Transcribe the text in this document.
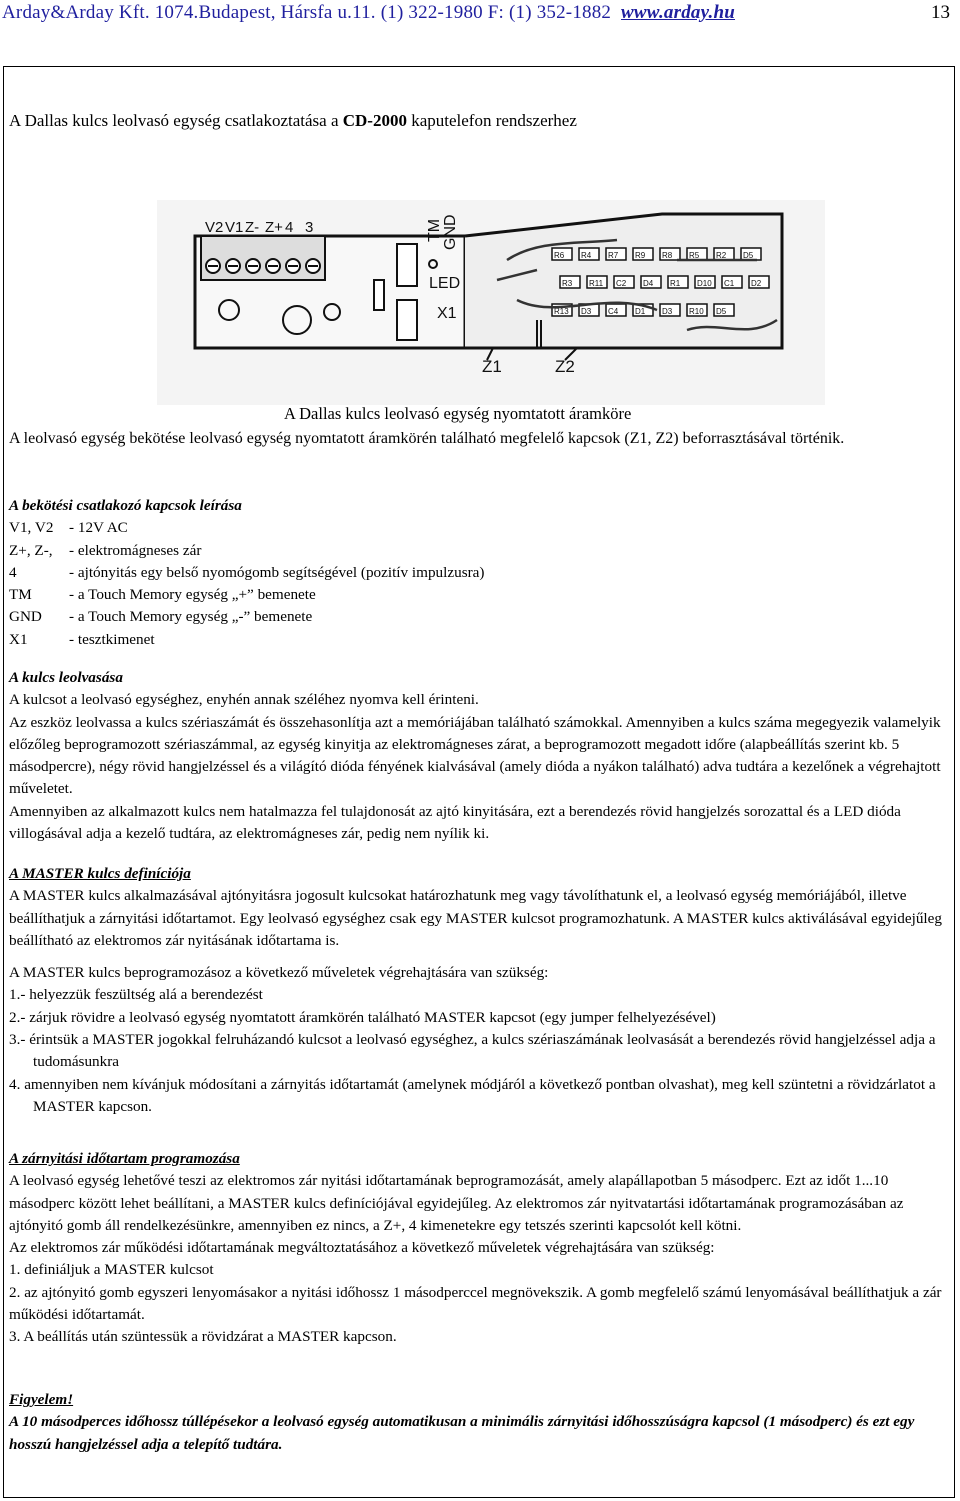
Arday&Arday Kft. 1074.Budapest, Hársfa u.11. (1) 322-1980 F: (1) 352-1882 www.arday.hu	13
A Dallas kulcs leolvasó egység csatlakoztatása a CD-2000 kaputelefon rendszerhez
V2 V1 Z- Z+ 4 3	TM GND
LED
X1
R6 R4 R7 R9 R8 R5 R2 D5
R3 R11 C2 D4 R1 D10 C1 D2
R13 D3 C4 D1 D3 R10 D5
Z1	Z2
A Dallas kulcs leolvasó egység nyomtatott áramköre

A leolvasó egység bekötése leolvasó egység nyomtatott áramkörén található megfelelő kapcsok (Z1, Z2) beforrasztásával történik.

A bekötési csatlakozó kapcsok leírása

V1, V2	- 12V AC
Z+, Z-,	- elektromágneses zár
4	- ajtónyitás egy belső nyomógomb segítségével (pozitív impulzusra)
TM	- a Touch Memory egység „+” bemenete
GND	- a Touch Memory egység „-” bemenete
X1	- tesztkimenet

A kulcs leolvasása

A kulcsot a leolvasó egységhez, enyhén annak széléhez nyomva kell érinteni.

Az eszköz leolvassa a kulcs szériaszámát és összehasonlítja azt a memóriájában található számokkal. Amennyiben a kulcs száma megegyezik valamelyik előzőleg beprogramozott szériaszámmal, az egység kinyitja az elektromágneses zárat, a beprogramozott megadott időre (alapbeállítás szerint kb. 5 másodpercre), négy rövid hangjelzéssel és a világító dióda fényének kialvásával (amely dióda a nyákon található) adva tudtára a kezelőnek a végrehajtott műveletet.

Amennyiben az alkalmazott kulcs nem hatalmazza fel tulajdonosát az ajtó kinyitására, ezt a berendezés rövid hangjelzés sorozattal és a LED dióda villogásával adja a kezelő tudtára, az elektromágneses zár, pedig nem nyílik ki.

A MASTER kulcs definíciója

A MASTER kulcs alkalmazásával ajtónyitásra jogosult kulcsokat határozhatunk meg vagy távolíthatunk el, a leolvasó egység memóriájából, illetve beállíthatjuk a zárnyitási időtartamot. Egy leolvasó egységhez csak egy MASTER kulcsot programozhatunk. A MASTER kulcs aktiválásával egyidejűleg beállítható az elektromos zár nyitásának időtartama is.

A MASTER kulcs beprogramozásoz a következő műveletek végrehajtására van szükség:

1.- helyezzük feszültség alá a berendezést

2.- zárjuk rövidre a leolvasó egység nyomtatott áramkörén található MASTER kapcsot (egy jumper felhelyezésével)

3.- érintsük a MASTER jogokkal felruházandó kulcsot a leolvasó egységhez, a kulcs szériaszámának leolvasását a berendezés rövid hangjelzéssel adja a tudomásunkra

4. amennyiben nem kívánjuk módosítani a zárnyitás időtartamát (amelynek módjáról a következő pontban olvashat), meg kell szüntetni a rövidzárlatot a MASTER kapcson.

A zárnyitási időtartam programozása

A leolvasó egység lehetővé teszi az elektromos zár nyitási időtartamának beprogramozását, amely alapállapotban 5 másodperc. Ezt az időt 1...10 másodperc között lehet beállítani, a MASTER kulcs definíciójával egyidejűleg. Az elektromos zár nyitvatartási időtartamának programozásában az ajtónyitó gomb áll rendelkezésünkre, amennyiben ez nincs, a Z+, 4 kimenetekre egy tetszés szerinti kapcsolót kell kötni.

Az elektromos zár működési időtartamának megváltoztatásához a következő műveletek végrehajtására van szükség:

1. definiáljuk a MASTER kulcsot

2. az ajtónyitó gomb egyszeri lenyomásakor a nyitási időhossz 1 másodperccel megnövekszik. A gomb megfelelő számú lenyomásával beállíthatjuk a zár működési időtartamát.

3. A beállítás után szüntessük a rövidzárat a MASTER kapcson.

Figyelem!

A 10 másodperces időhossz túllépésekor a leolvasó egység automatikusan a minimális zárnyitási időhosszúságra kapcsol (1 másodperc) és ezt egy hosszú hangjelzéssel adja a telepítő tudtára.
